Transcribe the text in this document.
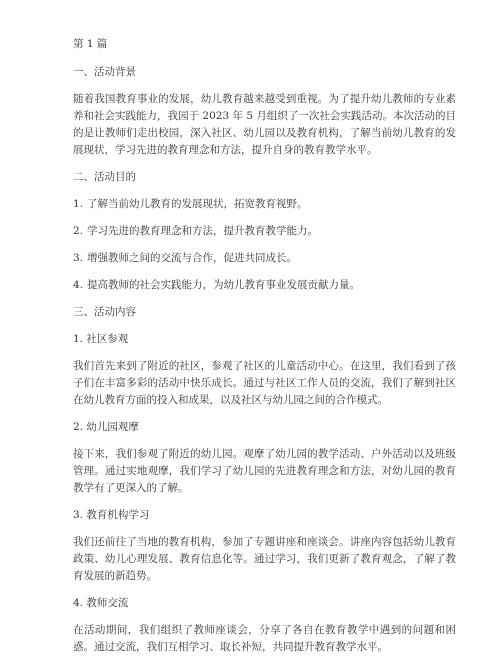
第 1 篇

一、活动背景

随着我国教育事业的发展，幼儿教育越来越受到重视。为了提升幼儿教师的专业素养和社会实践能力，我园于 2023 年 5 月组织了一次社会实践活动。本次活动的目的是让教师们走出校园，深入社区、幼儿园以及教育机构，了解当前幼儿教育的发展现状，学习先进的教育理念和方法，提升自身的教育教学水平。

二、活动目的

1. 了解当前幼儿教育的发展现状，拓宽教育视野。

2. 学习先进的教育理念和方法，提升教育教学能力。

3. 增强教师之间的交流与合作，促进共同成长。

4. 提高教师的社会实践能力，为幼儿教育事业发展贡献力量。

三、活动内容

1. 社区参观

我们首先来到了附近的社区，参观了社区的儿童活动中心。在这里，我们看到了孩子们在丰富多彩的活动中快乐成长。通过与社区工作人员的交流，我们了解到社区在幼儿教育方面的投入和成果，以及社区与幼儿园之间的合作模式。

2. 幼儿园观摩

接下来，我们参观了附近的幼儿园。观摩了幼儿园的教学活动、户外活动以及班级管理。通过实地观摩，我们学习了幼儿园的先进教育理念和方法，对幼儿园的教育教学有了更深入的了解。

3. 教育机构学习

我们还前往了当地的教育机构，参加了专题讲座和座谈会。讲座内容包括幼儿教育政策、幼儿心理发展、教育信息化等。通过学习，我们更新了教育观念，了解了教育发展的新趋势。

4. 教师交流

在活动期间，我们组织了教师座谈会，分享了各自在教育教学中遇到的问题和困惑。通过交流，我们互相学习、取长补短，共同提升教育教学水平。
